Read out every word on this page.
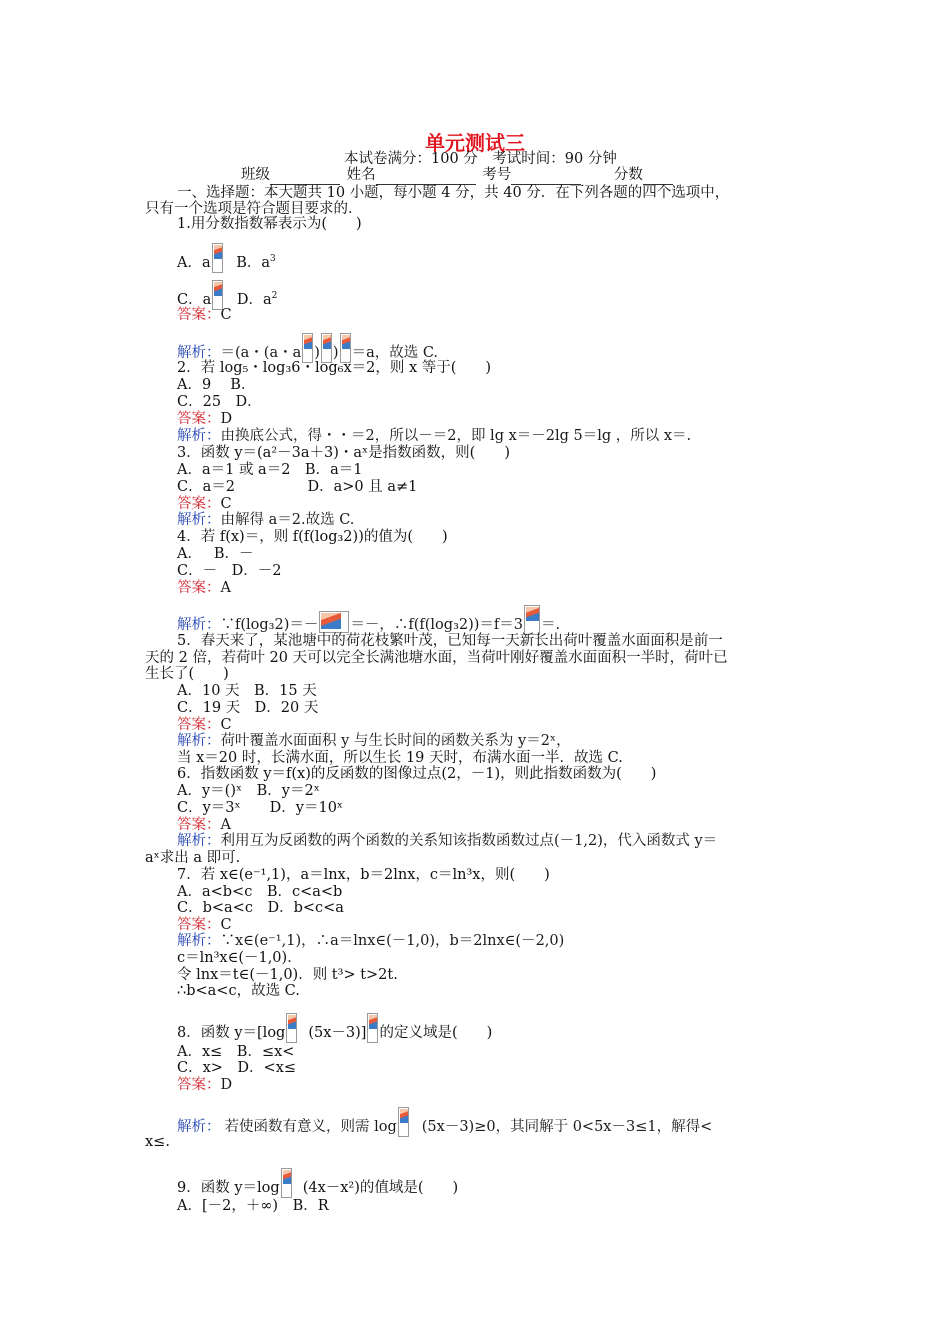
单元测试三
本试卷满分：100 分　考试时间：90 分钟
班级	姓名	考号	分数
一、选择题：本大题共 10 小题，每小题 4 分，共 40 分．在下列各题的四个选项中，
只有一个选项是符合题目要求的．
1.用分数指数幂表示为(　　)
A．a B．$a^3$
C．a D．$a^2$
答案：C
解析：＝(a・(a・a ) ) ＝a，故选 C.
2．若 log₅・log₃6・log₆x＝2，则 x 等于(　　)
A．9　 B．
C．25　D．
答案：D
解析：由换底公式，得・・＝2，所以－＝2，即 lg x＝－2lg 5＝lg ，所以 x＝.
3．函数 y＝(a²－3a＋3)・aˣ是指数函数，则(　　)
A．a＝1 或 a＝2　B．a＝1
C．a＝2　　　　　D．a>0 且 a≠1
答案：C
解析：由解得 a＝2.故选 C.
4．若 f(x)＝，则 f(f(log₃2))的值为(　　)
A．　 B．－
C．－　D．－2
答案：A
解析：∵f(log₃2)＝－ ＝－，∴f(f(log₃2))＝f＝3 ＝.
5．春天来了，某池塘中的荷花枝繁叶茂，已知每一天新长出荷叶覆盖水面面积是前一
天的 2 倍，若荷叶 20 天可以完全长满池塘水面，当荷叶刚好覆盖水面面积一半时，荷叶已
生长了(　　)
A．10 天　B．15 天
C．19 天　D．20 天
答案：C
解析：荷叶覆盖水面面积 y 与生长时间的函数关系为 y＝2ˣ，
当 x＝20 时，长满水面，所以生长 19 天时，布满水面一半．故选 C.
6．指数函数 y＝f(x)的反函数的图像过点(2，－1)，则此指数函数为(　　)
A．y＝()ˣ　B．y＝2ˣ
C．y＝3ˣ　　D．y＝10ˣ
答案：A
解析：利用互为反函数的两个函数的关系知该指数函数过点(－1,2)，代入函数式 y＝
aˣ求出 a 即可.
7．若 x∈(e⁻¹,1)，a＝lnx，b＝2lnx，c＝ln³x，则(　　)
A．a<b<c　B．c<a<b
C．b<a<c　D．b<c<a
答案：C
解析：∵x∈(e⁻¹,1)，∴a＝lnx∈(－1,0)，b＝2lnx∈(－2,0)
c＝ln³x∈(－1,0)．
令 lnx＝t∈(－1,0)．则 t³> t>2t.
∴b<a<c，故选 C.
8．函数 y＝[log (5x－3)] 的定义域是(　　)
A．x≤　B．≤x<
C．x>　D．<x≤
答案：D
解析： 若使函数有意义，则需 log (5x－3)≥0，其同解于 0<5x－3≤1，解得<
x≤.
9．函数 y＝log (4x－x²)的值域是(　　)
A．[－2，＋∞)　B．R
